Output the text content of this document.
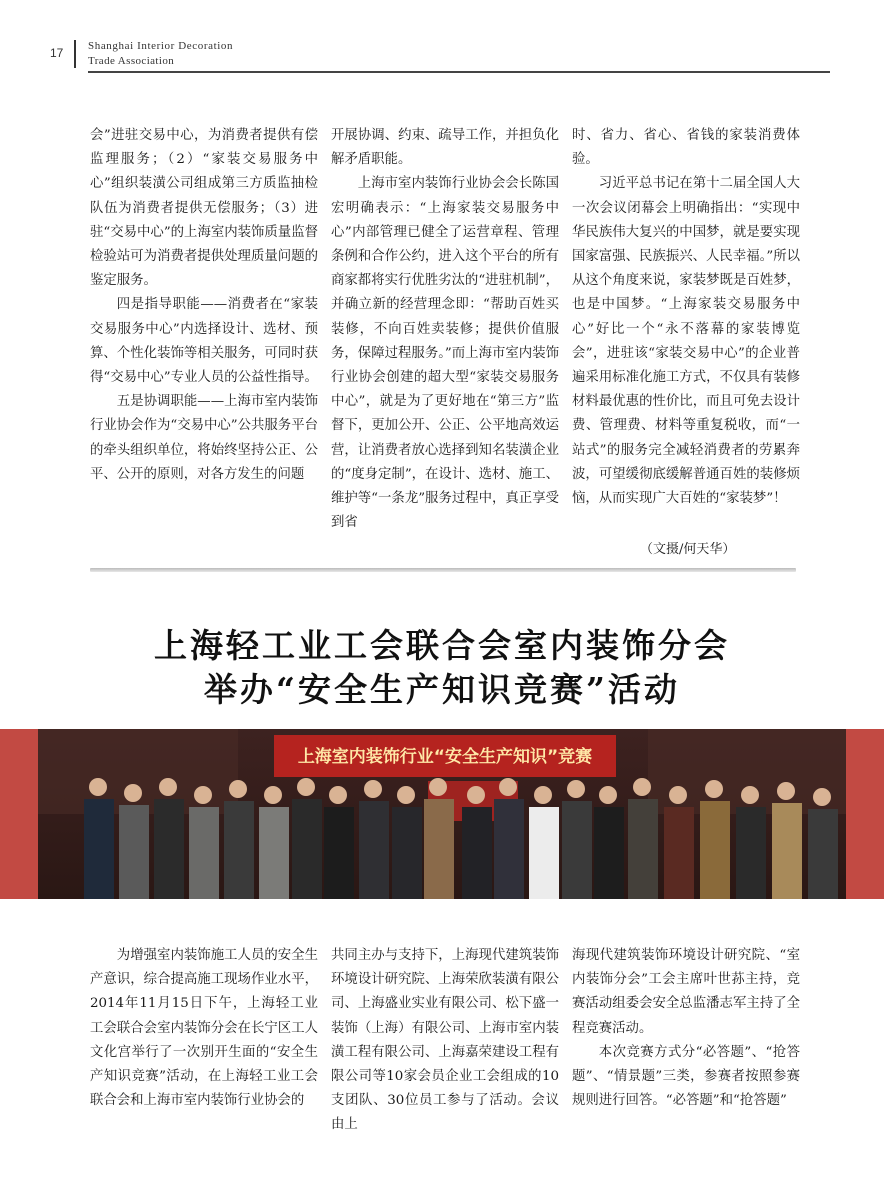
17 Shanghai Interior Decoration
Trade Association

会”进驻交易中心，为消费者提供有偿监理服务；（2）“家装交易服务中心”组织装潢公司组成第三方质监抽检队伍为消费者提供无偿服务；（3）进驻“交易中心”的上海室内装饰质量监督检验站可为消费者提供处理质量问题的鉴定服务。

四是指导职能——消费者在“家装交易服务中心”内选择设计、选材、预算、个性化装饰等相关服务，可同时获得“交易中心”专业人员的公益性指导。

五是协调职能——上海市室内装饰行业协会作为“交易中心”公共服务平台的牵头组织单位，将始终坚持公正、公平、公开的原则，对各方发生的问题

开展协调、约束、疏导工作，并担负化解矛盾职能。

上海市室内装饰行业协会会长陈国宏明确表示：“上海家装交易服务中心”内部管理已健全了运营章程、管理条例和合作公约，进入这个平台的所有商家都将实行优胜劣汰的“进驻机制”，并确立新的经营理念即：“帮助百姓买装修，不向百姓卖装修；提供价值服务，保障过程服务。”而上海市室内装饰行业协会创建的超大型“家装交易服务中心”，就是为了更好地在“第三方”监督下，更加公开、公正、公平地高效运营，让消费者放心选择到知名装潢企业的“度身定制”，在设计、选材、施工、维护等“一条龙”服务过程中，真正享受到省

时、省力、省心、省钱的家装消费体验。

习近平总书记在第十二届全国人大一次会议闭幕会上明确指出：“实现中华民族伟大复兴的中国梦，就是要实现国家富强、民族振兴、人民幸福。”所以从这个角度来说，家装梦既是百姓梦，也是中国梦。“上海家装交易服务中心”好比一个“永不落幕的家装博览会”，进驻该“家装交易中心”的企业普遍采用标准化施工方式，不仅具有装修材料最优惠的性价比，而且可免去设计费、管理费、材料等重复税收，而“一站式”的服务完全减轻消费者的劳累奔波，可望缓彻底缓解普通百姓的装修烦恼，从而实现广大百姓的“家装梦”！

（文摄/何天华）
上海轻工业工会联合会室内装饰分会
举办“安全生产知识竞赛”活动
上海室内装饰行业“安全生产知识”竞赛

为增强室内装饰施工人员的安全生产意识，综合提高施工现场作业水平，2014年11月15日下午，上海轻工业工会联合会室内装饰分会在长宁区工人文化宫举行了一次别开生面的“安全生产知识竞赛”活动，在上海轻工业工会联合会和上海市室内装饰行业协会的

共同主办与支持下，上海现代建筑装饰环境设计研究院、上海荣欣装潢有限公司、上海盛业实业有限公司、松下盛一装饰（上海）有限公司、上海市室内装潢工程有限公司、上海嘉荣建设工程有限公司等10家会员企业工会组成的10支团队、30位员工参与了活动。会议由上

海现代建筑装饰环境设计研究院、“室内装饰分会”工会主席叶世荪主持，竞赛活动组委会安全总监潘志军主持了全程竞赛活动。

本次竞赛方式分“必答题”、“抢答题”、“情景题”三类，参赛者按照参赛规则进行回答。“必答题”和“抢答题”
